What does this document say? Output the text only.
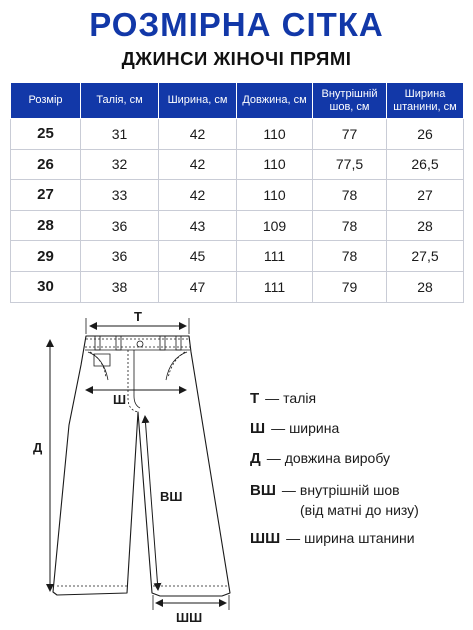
РОЗМІРНА СІТКА
ДЖИНСИ ЖІНОЧІ ПРЯМІ
Розмір	Талія, см	Ширина, см	Довжина, см	Внутрішній шов, см	Ширина штанини, см
25	31	42	110	77	26
26	32	42	110	77,5	26,5
27	33	42	110	78	27
28	36	43	109	78	28
29	36	45	111	78	27,5
30	38	47	111	79	28
Т
Ш
Д
ВШ
ШШ
Т — талія
Ш — ширина
Д — довжина виробу
ВШ — внутрішній шов
(від матні до низу)
ШШ — ширина штанини
